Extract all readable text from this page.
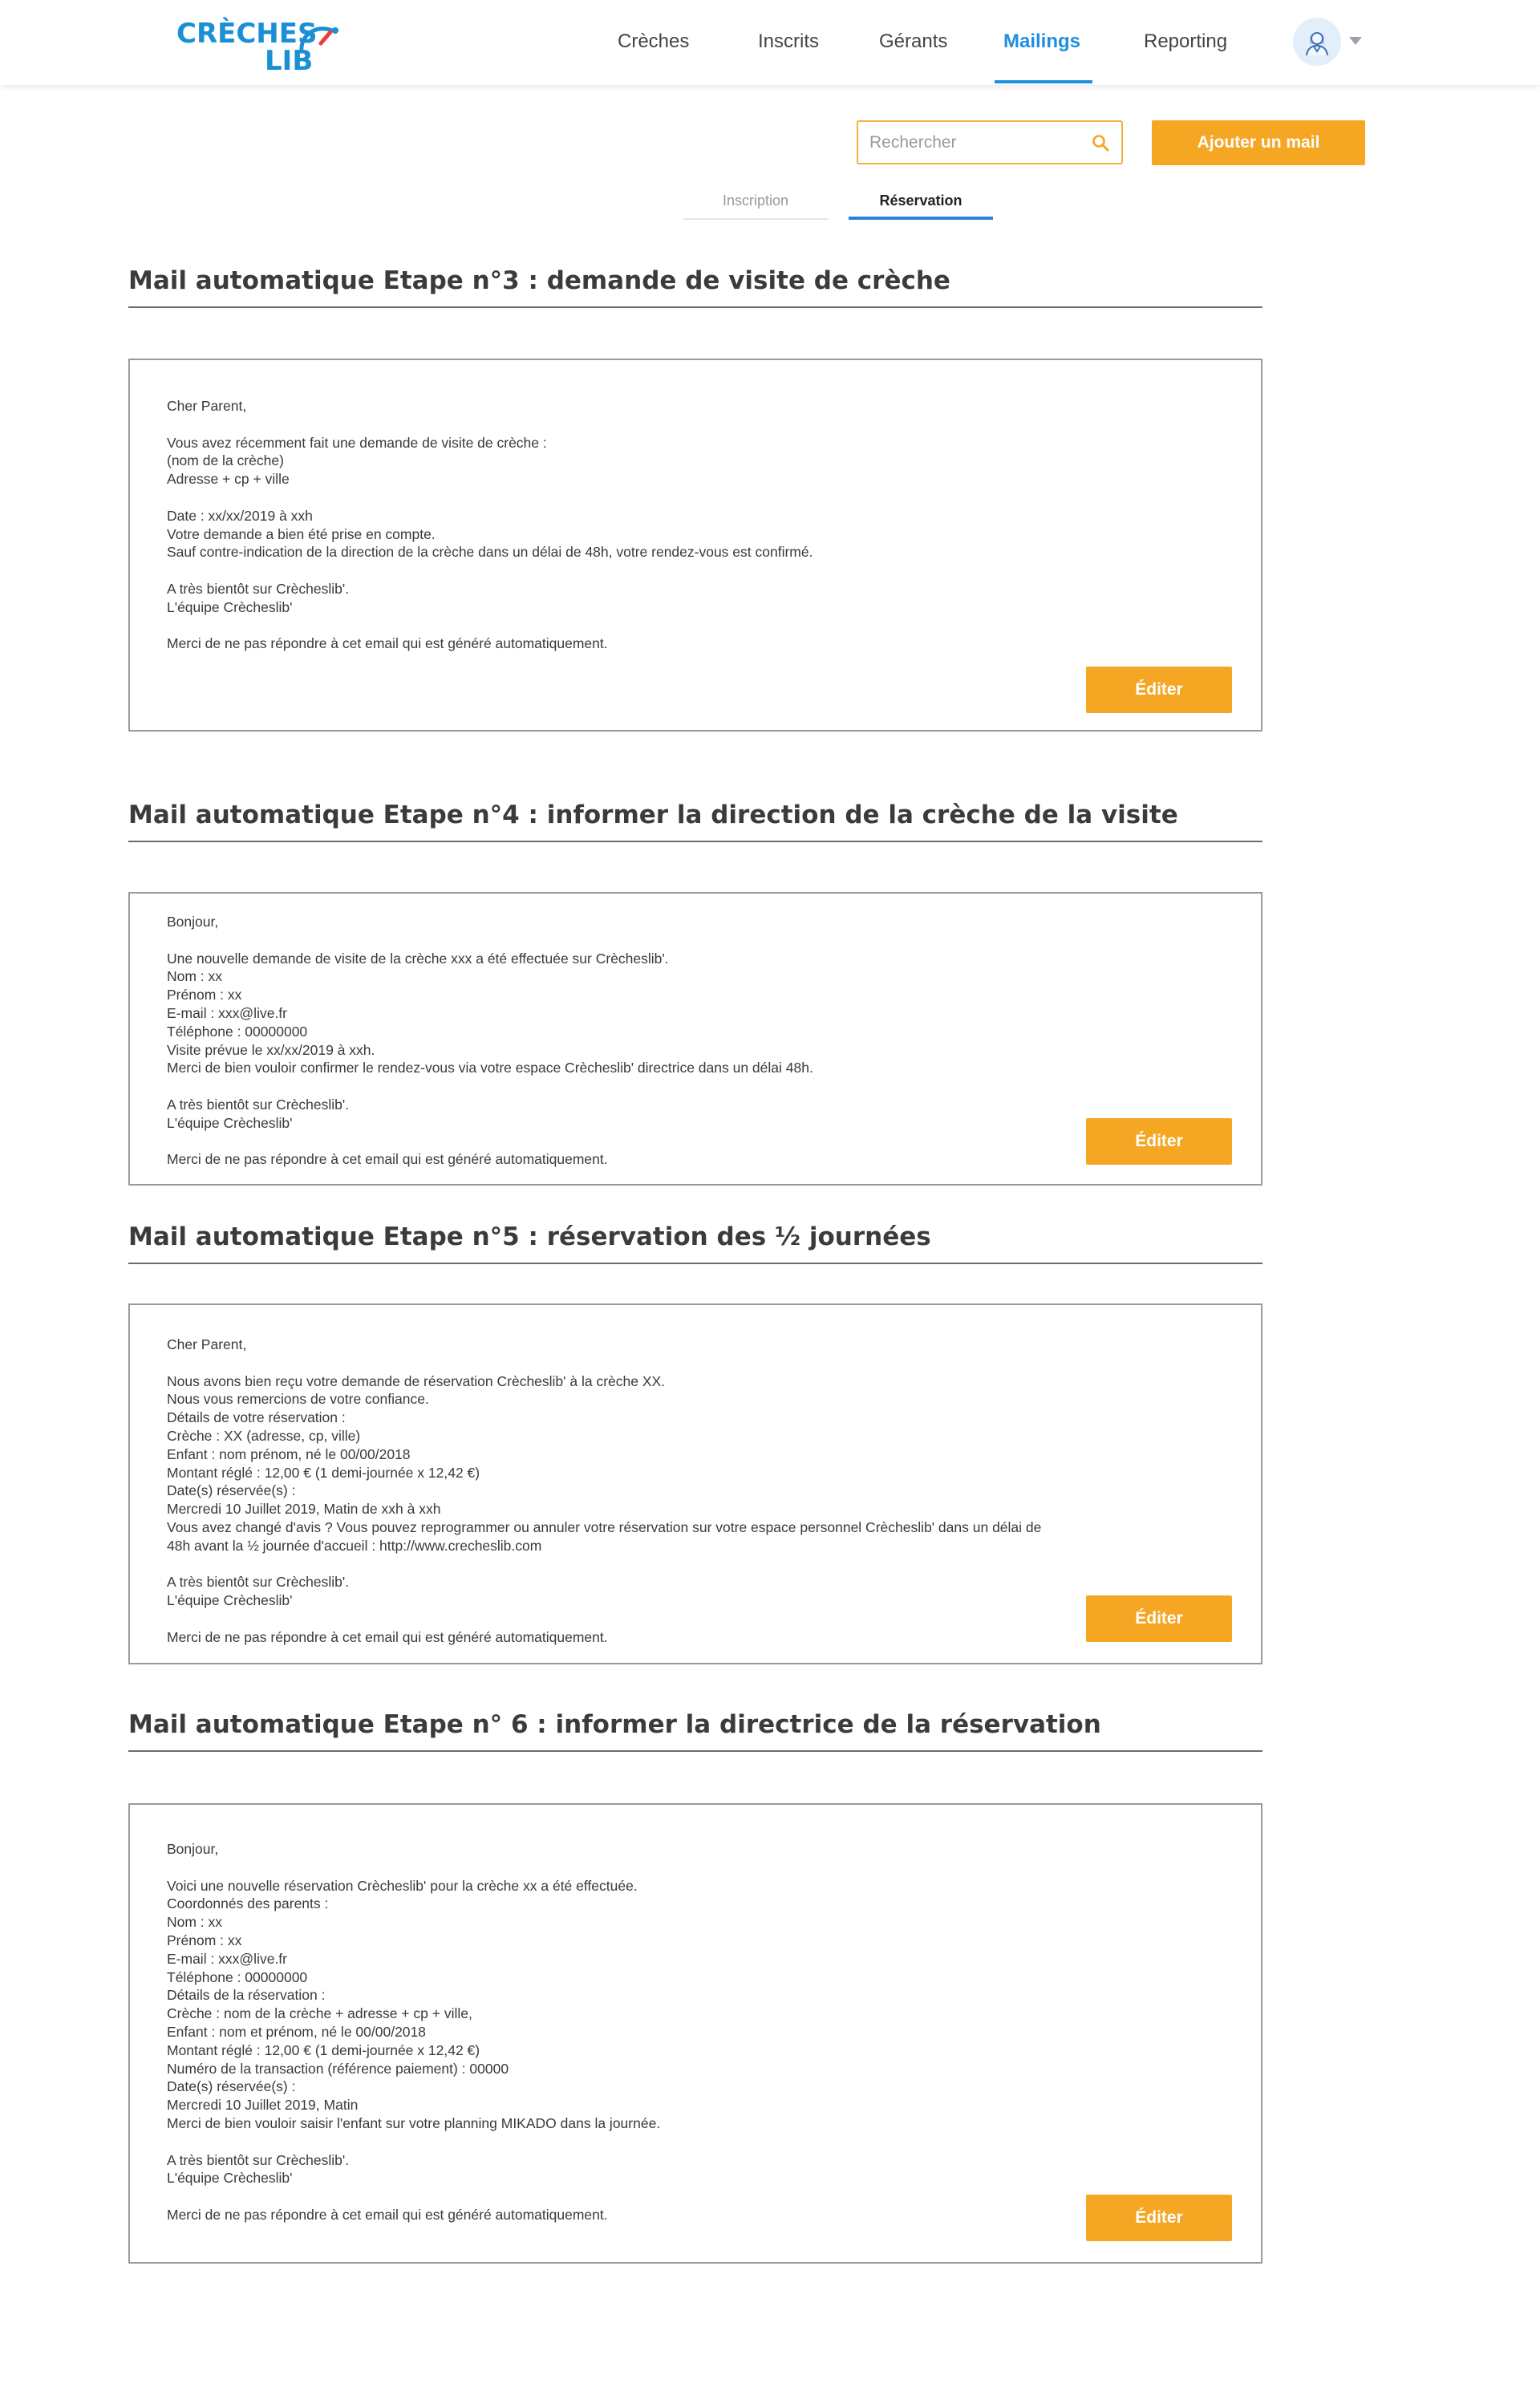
CRÈCHES
LIB
Crèches	Inscrits	Gérants	Mailings	Reporting
Rechercher
Ajouter un mail
Inscription	Réservation
Mail automatique Etape n°3 : demande de visite de crèche
Cher Parent,
Vous avez récemment fait une demande de visite de crèche :
(nom de la crèche)
Adresse + cp + ville
Date : xx/xx/2019 à xxh
Votre demande a bien été prise en compte.
Sauf contre-indication de la direction de la crèche dans un délai de 48h, votre rendez-vous est confirmé.
A très bientôt sur Crècheslib'.
L'équipe Crècheslib'
Merci de ne pas répondre à cet email qui est généré automatiquement.
Éditer
Mail automatique Etape n°4 : informer la direction de la crèche de la visite
Bonjour,
Une nouvelle demande de visite de la crèche xxx a été effectuée sur Crècheslib'.
Nom : xx
Prénom : xx
E-mail : xxx@live.fr
Téléphone : 00000000
Visite prévue le xx/xx/2019 à xxh.
Merci de bien vouloir confirmer le rendez-vous via votre espace Crècheslib' directrice dans un délai 48h.
A très bientôt sur Crècheslib'.
L'équipe Crècheslib'
Merci de ne pas répondre à cet email qui est généré automatiquement.
Éditer
Mail automatique Etape n°5 : réservation des ½ journées
Cher Parent,
Nous avons bien reçu votre demande de réservation Crècheslib' à la crèche XX.
Nous vous remercions de votre confiance.
Détails de votre réservation :
Crèche : XX (adresse, cp, ville)
Enfant : nom prénom, né le 00/00/2018
Montant réglé : 12,00 € (1 demi-journée x 12,42 €)
Date(s) réservée(s) :
Mercredi 10 Juillet 2019, Matin de xxh à xxh
Vous avez changé d'avis ? Vous pouvez reprogrammer ou annuler votre réservation sur votre espace personnel Crècheslib' dans un délai de
48h avant la ½ journée d'accueil : http://www.crecheslib.com
A très bientôt sur Crècheslib'.
L'équipe Crècheslib'
Merci de ne pas répondre à cet email qui est généré automatiquement.
Éditer
Mail automatique Etape n° 6 : informer la directrice de la réservation
Bonjour,
Voici une nouvelle réservation Crècheslib' pour la crèche xx a été effectuée.
Coordonnés des parents :
Nom : xx
Prénom : xx
E-mail : xxx@live.fr
Téléphone : 00000000
Détails de la réservation :
Crèche : nom de la crèche + adresse + cp + ville,
Enfant : nom et prénom, né le 00/00/2018
Montant réglé : 12,00 € (1 demi-journée x 12,42 €)
Numéro de la transaction (référence paiement) : 00000
Date(s) réservée(s) :
Mercredi 10 Juillet 2019, Matin
Merci de bien vouloir saisir l'enfant sur votre planning MIKADO dans la journée.
A très bientôt sur Crècheslib'.
L'équipe Crècheslib'
Merci de ne pas répondre à cet email qui est généré automatiquement.	Éditer
